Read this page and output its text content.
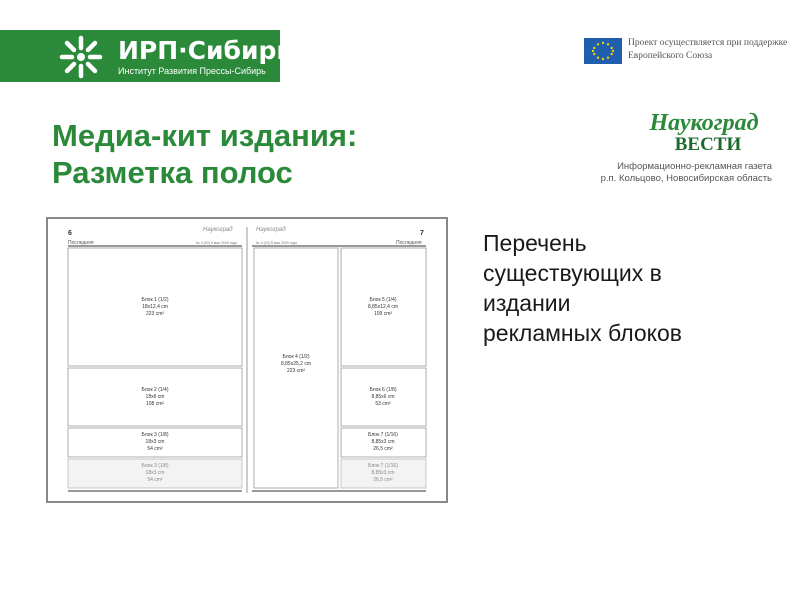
ИРП·Сибирь
Институт Развития Прессы-Сибирь
Проект осуществляется при поддержке Европейского Союза
Медиа-кит издания:
Разметка полос
Наукоград
ВЕСТИ
Информационно-рекламная газета
р.п. Кольцово, Новосибирская область
6	7
Наукоград	Наукоград
Последняя	Последняя
№ 4 (20) 8 мая 2009 года	№ 4 (20) 8 мая 2009 года
Блок 1 (1/2)
18x12,4 cm
223 cm²
Блок 2 (1/4)
18x6 cm
108 cm²
Блок 3 (1/8)
18x3 cm
54 cm²
Блок 3 (1/8)
18x3 cm
54 cm²
Блок 4 (1/2)
8,85x25,2 cm
223 cm²
Блок 5 (1/4)
8,85x12,4 cm
109 cm²
Блок 6 (1/8)
8,85x6 cm
53 cm²
Блок 7 (1/16)
8,85x3 cm
26,5 cm²
Блок 7 (1/16)
8,85x3 cm
26,5 cm²
Перечень
существующих в
издании
рекламных блоков
